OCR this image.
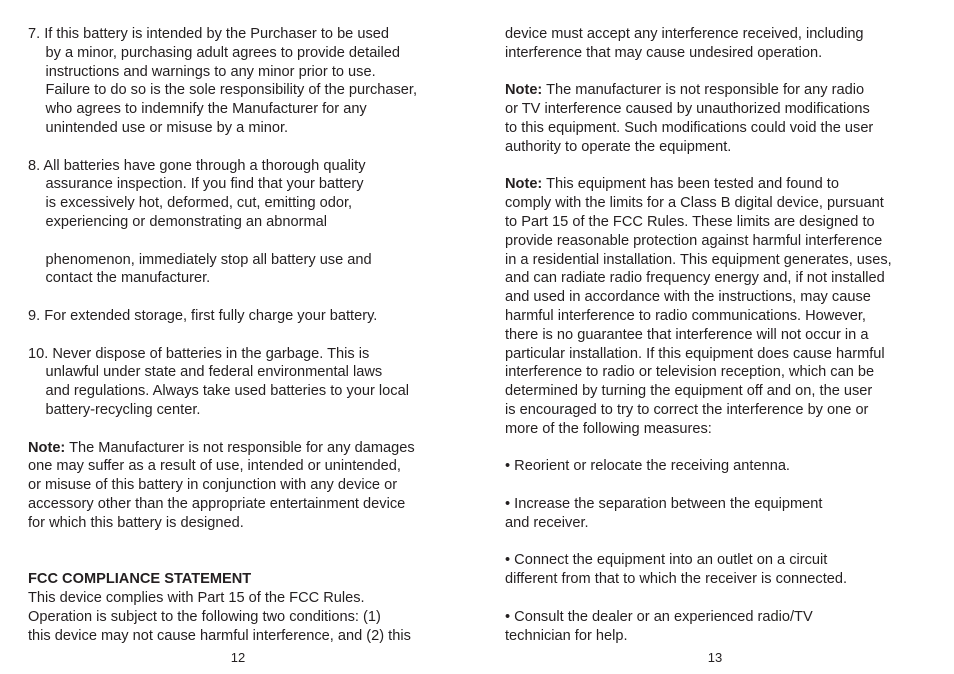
7. If this battery is intended by the Purchaser to be used
by a minor, purchasing adult agrees to provide detailed
instructions and warnings to any minor prior to use.
Failure to do so is the sole responsibility of the purchaser,
who agrees to indemnify the Manufacturer for any
unintended use or misuse by a minor.
8. All batteries have gone through a thorough quality
assurance inspection. If you find that your battery
is excessively hot, deformed, cut, emitting odor,
experiencing or demonstrating an abnormal
phenomenon, immediately stop all battery use and
contact the manufacturer.
9. For extended storage, first fully charge your battery.
10. Never dispose of batteries in the garbage. This is
unlawful under state and federal environmental laws
and regulations. Always take used batteries to your local
battery-recycling center.
Note: The Manufacturer is not responsible for any damages
one may suffer as a result of use, intended or unintended,
or misuse of this battery in conjunction with any device or
accessory other than the appropriate entertainment device
for which this battery is designed.
FCC COMPLIANCE STATEMENT
This device complies with Part 15 of the FCC Rules.
Operation is subject to the following two conditions: (1)
this device may not cause harmful interference, and (2) this
12
device must accept any interference received, including
interference that may cause undesired operation.
Note: The manufacturer is not responsible for any radio
or TV interference caused by unauthorized modifications
to this equipment. Such modifications could void the user
authority to operate the equipment.
Note: This equipment has been tested and found to
comply with the limits for a Class B digital device, pursuant
to Part 15 of the FCC Rules. These limits are designed to
provide reasonable protection against harmful interference
in a residential installation. This equipment generates, uses,
and can radiate radio frequency energy and, if not installed
and used in accordance with the instructions, may cause
harmful interference to radio communications. However,
there is no guarantee that interference will not occur in a
particular installation. If this equipment does cause harmful
interference to radio or television reception, which can be
determined by turning the equipment off and on, the user
is encouraged to try to correct the interference by one or
more of the following measures:
• Reorient or relocate the receiving antenna.
• Increase the separation between the equipment
and receiver.
• Connect the equipment into an outlet on a circuit
different from that to which the receiver is connected.
• Consult the dealer or an experienced radio/TV
technician for help.
13
